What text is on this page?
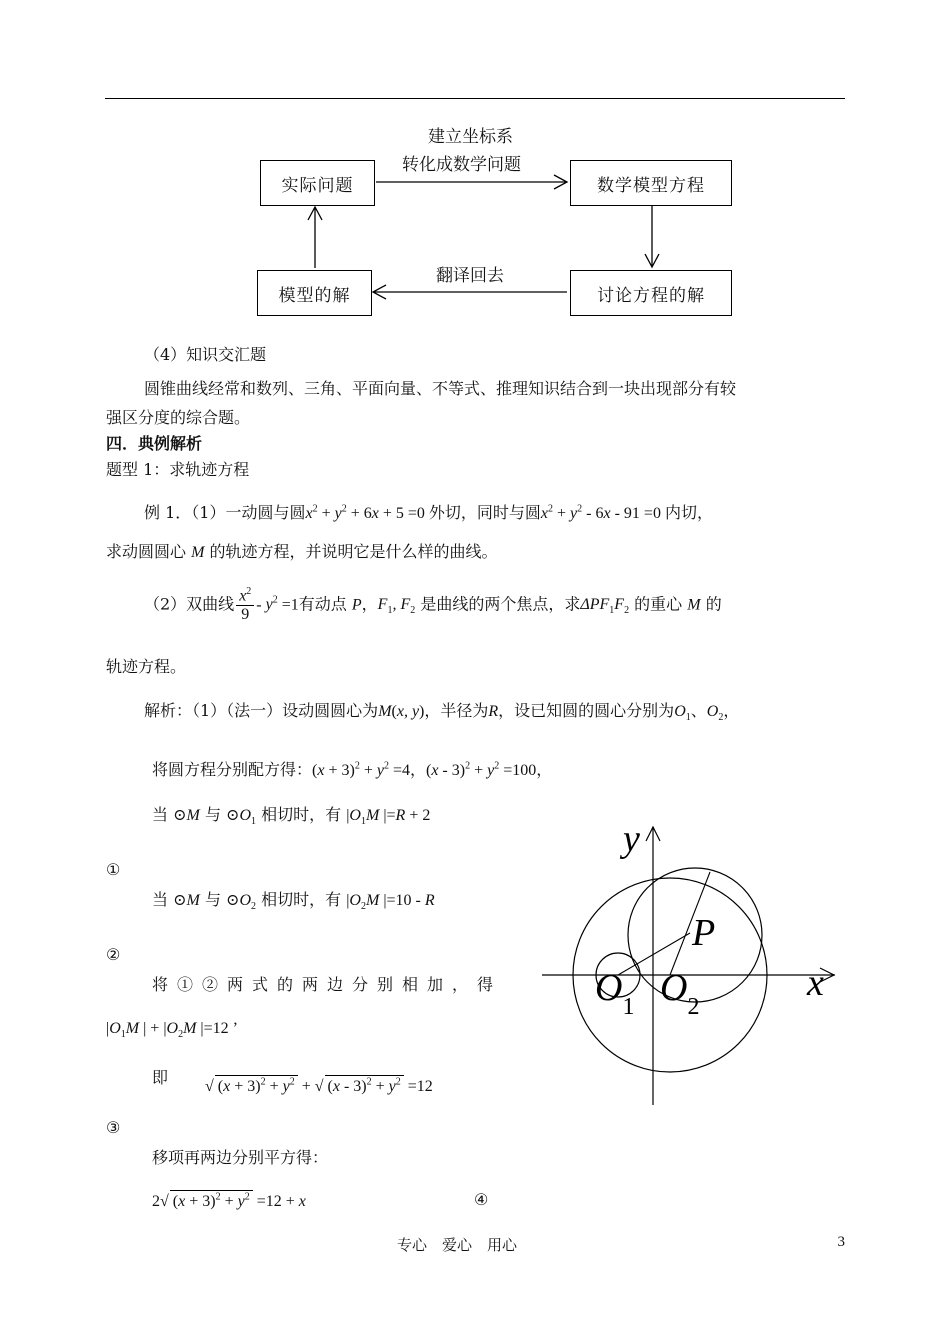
实际问题	数学模型方程
讨论方程的解
模型的解
建立坐标系
转化成数学问题
翻译回去
（4）知识交汇题
圆锥曲线经常和数列、三角、平面向量、不等式、推理知识结合到一块出现部分有较
强区分度的综合题。
四．典例解析
题型 1：求轨迹方程
例 1．（1）一动圆与圆$x^2 + y^2 + 6x + 5 =0$ 外切，同时与圆$x^2 + y^2 - 6x - 91 =0$ 内切，
求动圆圆心 M 的轨迹方程，并说明它是什么样的曲线。
（2）双曲线 $\frac{x^2}{9} - y^2 =1$有动点 P，$F_1$, $F_2$ 是曲线的两个焦点，求$\Delta PF_1F_2$ 的重心 M 的
轨迹方程。
解析：（1）（法一）设动圆圆心为M(x, y)，半径为R，设已知圆的圆心分别为$O_1$、$O_2$，
将圆方程分别配方得：$(x + 3)^2 + y^2 =4$，$(x - 3)^2 + y^2 =100$，
当 ⊙M 与 $⊙O_1$ 相切时，有 $|O_1M$ |=R + 2
①
当 ⊙M 与 $⊙O_2$ 相切时，有 $|O_2M$ |=10 - R
②
将①②两式的两边分别相加，得
$|O_1M$ | + $|O_2M$ |=12 ’
即 √ $(x + 3)^2 + y^2$ + √ $(x - 3)^2 + y^2 =12$
③
移项再两边分别平方得：
2√ $(x + 3)^2 + y^2 =12 + x$	④
y
x
P
$O_1$ $O_2$
专心　爱心　用心	3
